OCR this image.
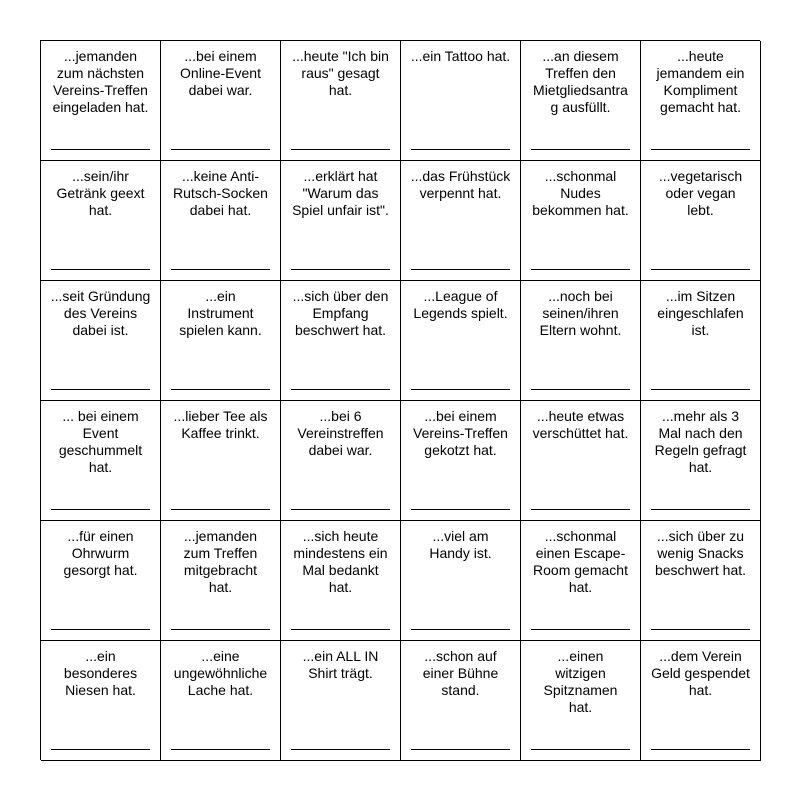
...jemanden zum nächsten Vereins-Treffen eingeladen hat.
...bei einem Online-Event dabei war.
...heute "Ich bin raus" gesagt hat.
...ein Tattoo hat.	...an diesem Treffen den Mietgliedsantrag ausfüllt.
...heute jemandem ein Kompliment gemacht hat.
...sein/ihr Getränk geext hat.
...keine Anti-Rutsch-Socken dabei hat.
...erklärt hat "Warum das Spiel unfair ist".
...das Frühstück verpennt hat.
...schonmal Nudes bekommen hat.
...vegetarisch oder vegan lebt.
...seit Gründung des Vereins dabei ist.
...ein Instrument spielen kann.
...sich über den Empfang beschwert hat.
...League of Legends spielt.
...noch bei seinen/ihren Eltern wohnt.
...im Sitzen eingeschlafen ist.
... bei einem Event geschummelt hat.
...lieber Tee als Kaffee trinkt.
...bei 6 Vereinstreffen dabei war.
...bei einem Vereins-Treffen gekotzt hat.
...heute etwas verschüttet hat.
...mehr als 3 Mal nach den Regeln gefragt hat.
...für einen Ohrwurm gesorgt hat.
...jemanden zum Treffen mitgebracht hat.
...sich heute mindestens ein Mal bedankt hat.
...viel am Handy ist.
...schonmal einen Escape-Room gemacht hat.
...sich über zu wenig Snacks beschwert hat.
...ein besonderes Niesen hat.
...eine ungewöhnliche Lache hat.
...ein ALL IN Shirt trägt.
...schon auf einer Bühne stand.
...einen witzigen Spitznamen hat.
...dem Verein Geld gespendet hat.
